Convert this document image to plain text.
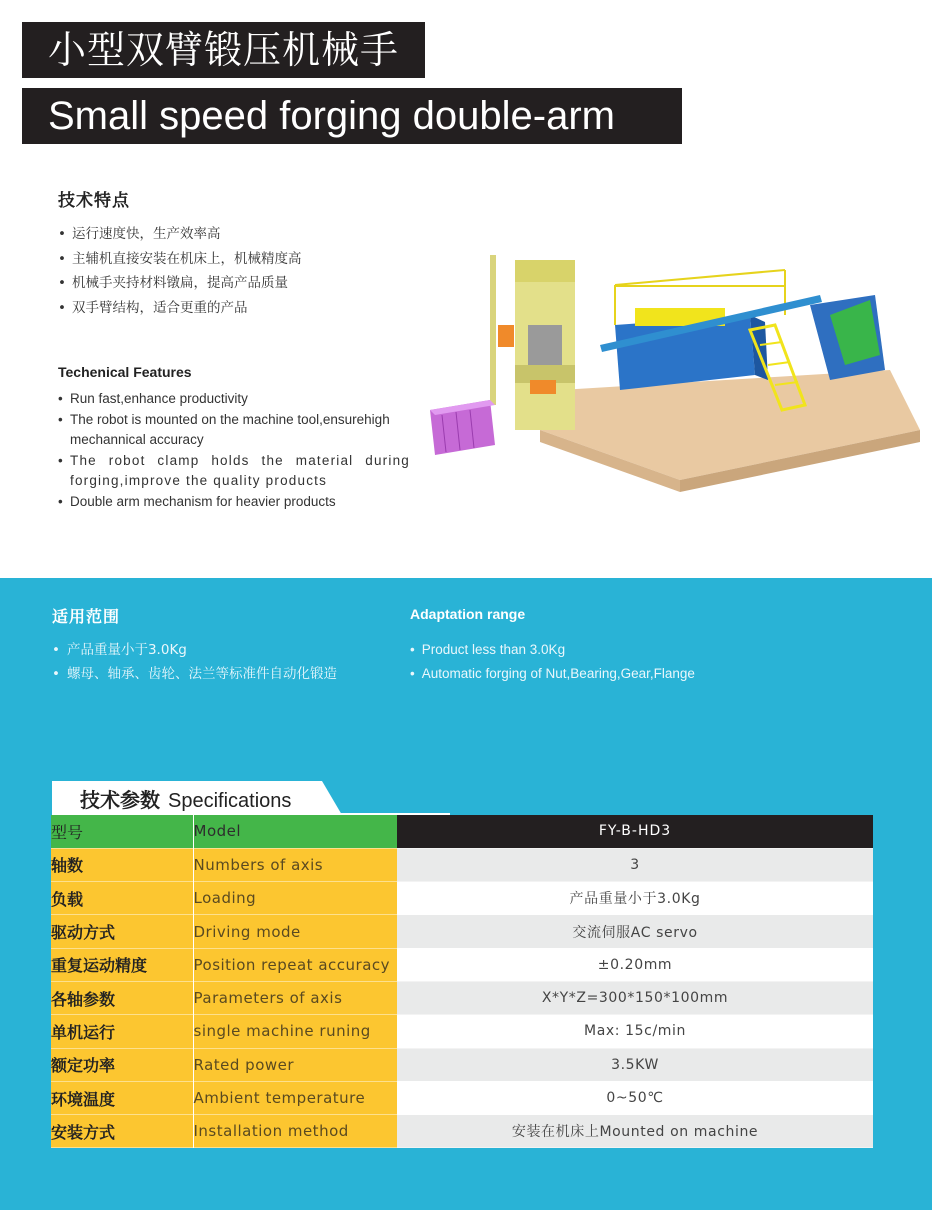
小型双臂锻压机械手
Small speed forging double-arm robot
技术特点
• 运行速度快，生产效率高
• 主辅机直接安装在机床上，机械精度高
• 机械手夹持材料镦扁，提高产品质量
• 双手臂结构，适合更重的产品
Techenical Features
• Run fast,enhance productivity
• The robot is mounted on the machine tool,ensurehigh mechannical accuracy
• The robot clamp holds the material during forging,improve the quality products
• Double arm mechanism for heavier products
适用范围	Adaptation range
• 产品重量小于3.0Kg
• 螺母、轴承、齿轮、法兰等标准件自动化锻造
• Product less than 3.0Kg
• Automatic forging of Nut,Bearing,Gear,Flange
技术参数 Specifications
型号	Model	FY-B-HD3
轴数	Numbers of axis	3
负载	Loading	产品重量小于3.0Kg
驱动方式	Driving mode	交流伺服AC servo
重复运动精度	Position repeat accuracy	±0.20mm
各轴参数	Parameters of axis	X*Y*Z=300*150*100mm
单机运行	single machine runing	Max: 15c/min
额定功率	Rated power	3.5KW
环境温度	Ambient temperature	0~50℃
安装方式	Installation method	安装在机床上Mounted on machine
